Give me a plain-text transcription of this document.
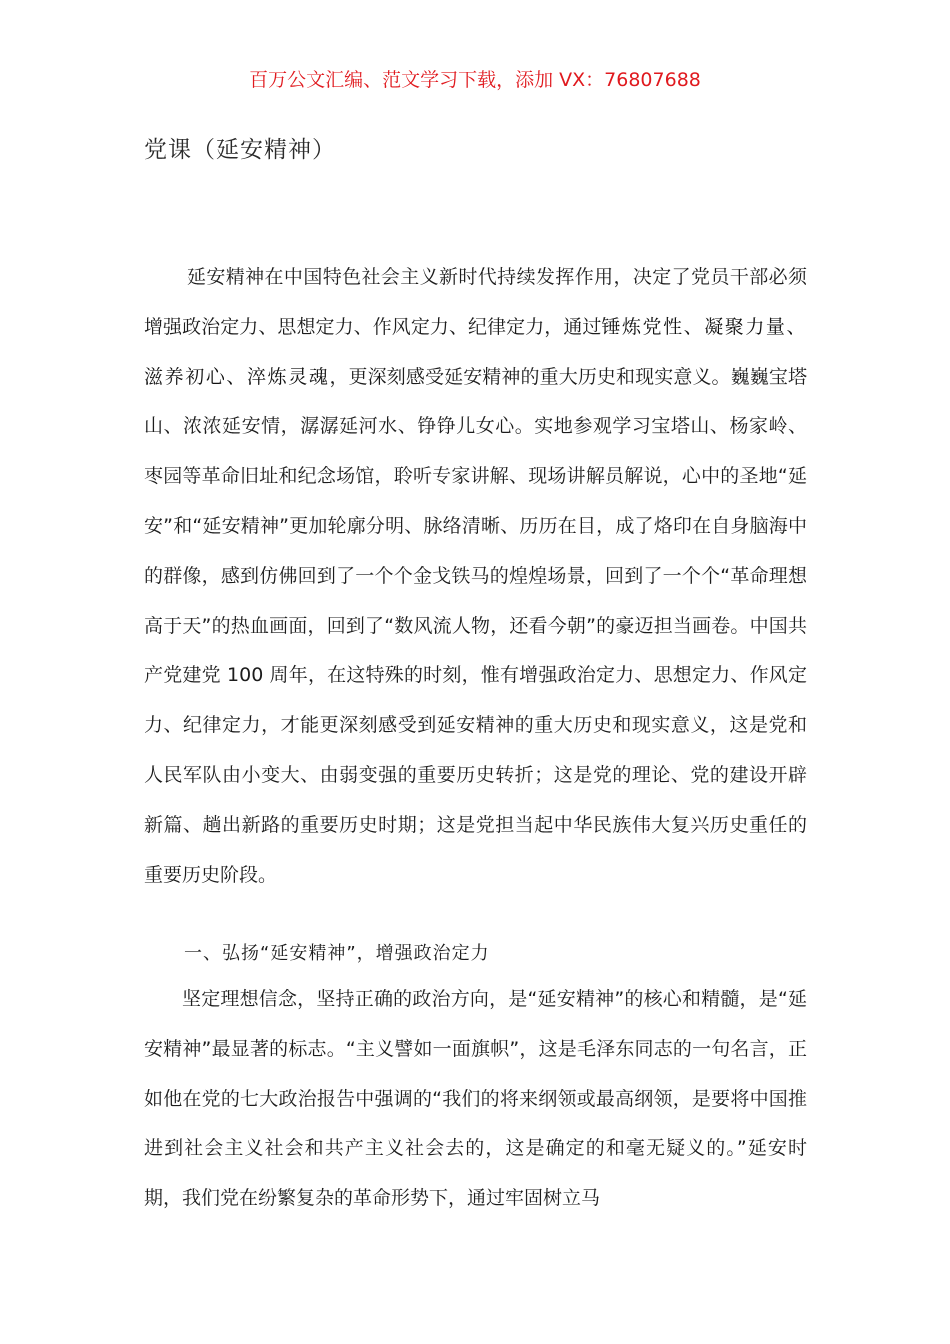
百万公文汇编、范文学习下载，添加 VX：76807688
党课（延安精神）

延安精神在中国特色社会主义新时代持续发挥作用，决定了党员干部必须增强政治定力、思想定力、作风定力、纪律定力，通过锤炼党性、凝聚力量、滋养初心、淬炼灵魂，更深刻感受延安精神的重大历史和现实意义。巍巍宝塔山、浓浓延安情，潺潺延河水、铮铮儿女心。实地参观学习宝塔山、杨家岭、枣园等革命旧址和纪念场馆，聆听专家讲解、现场讲解员解说，心中的圣地“延安”和“延安精神”更加轮廓分明、脉络清晰、历历在目，成了烙印在自身脑海中的群像，感到仿佛回到了一个个金戈铁马的煌煌场景，回到了一个个“革命理想高于天”的热血画面，回到了“数风流人物，还看今朝”的豪迈担当画卷。中国共产党建党 100 周年，在这特殊的时刻，惟有增强政治定力、思想定力、作风定力、纪律定力，才能更深刻感受到延安精神的重大历史和现实意义，这是党和人民军队由小变大、由弱变强的重要历史转折；这是党的理论、党的建设开辟新篇、趟出新路的重要历史时期；这是党担当起中华民族伟大复兴历史重任的重要历史阶段。

一、弘扬“延安精神”，增强政治定力

坚定理想信念，坚持正确的政治方向，是“延安精神”的核心和精髓，是“延安精神”最显著的标志。“主义譬如一面旗帜”，这是毛泽东同志的一句名言，正如他在党的七大政治报告中强调的“我们的将来纲领或最高纲领，是要将中国推进到社会主义社会和共产主义社会去的，这是确定的和毫无疑义的。”延安时期，我们党在纷繁复杂的革命形势下，通过牢固树立马
